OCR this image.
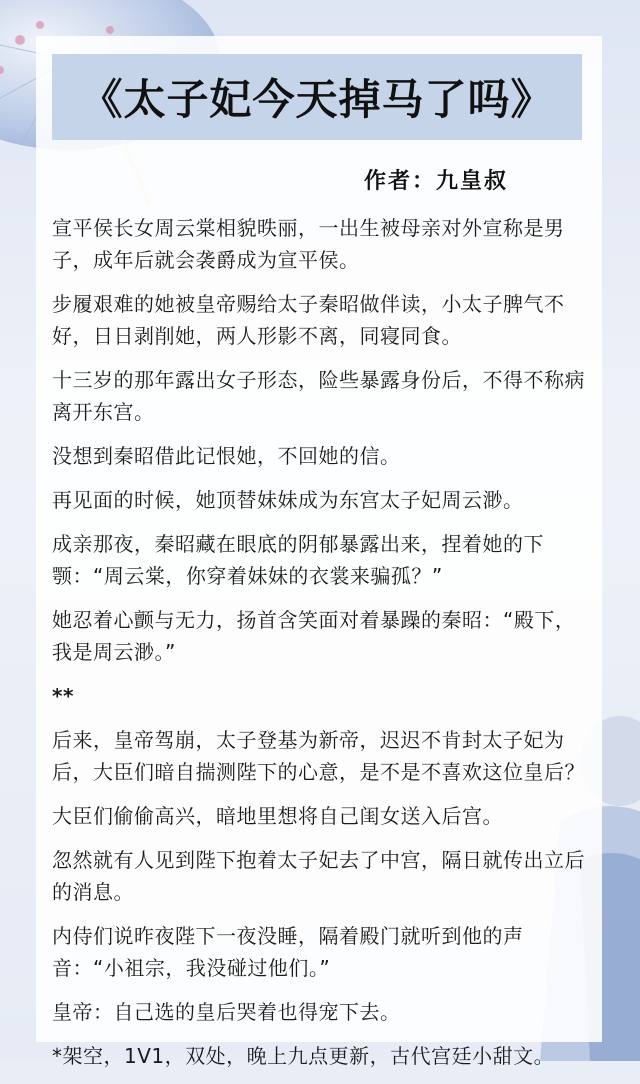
《太子妃今天掉马了吗》
作者：九皇叔

宣平侯长女周云棠相貌昳丽，一出生被母亲对外宣称是男子，成年后就会袭爵成为宣平侯。

步履艰难的她被皇帝赐给太子秦昭做伴读，小太子脾气不好，日日剥削她，两人形影不离，同寝同食。

十三岁的那年露出女子形态，险些暴露身份后，不得不称病离开东宫。

没想到秦昭借此记恨她，不回她的信。

再见面的时候，她顶替妹妹成为东宫太子妃周云渺。

成亲那夜，秦昭藏在眼底的阴郁暴露出来，捏着她的下颚：“周云棠，你穿着妹妹的衣裳来骗孤？”

她忍着心颤与无力，扬首含笑面对着暴躁的秦昭：“殿下，我是周云渺。”

**

后来，皇帝驾崩，太子登基为新帝，迟迟不肯封太子妃为后，大臣们暗自揣测陛下的心意，是不是不喜欢这位皇后？

大臣们偷偷高兴，暗地里想将自己闺女送入后宫。

忽然就有人见到陛下抱着太子妃去了中宫，隔日就传出立后的消息。

内侍们说昨夜陛下一夜没睡，隔着殿门就听到他的声音：“小祖宗，我没碰过他们。”

皇帝：自己选的皇后哭着也得宠下去。

*架空，1V1，双处，晚上九点更新，古代宫廷小甜文。
